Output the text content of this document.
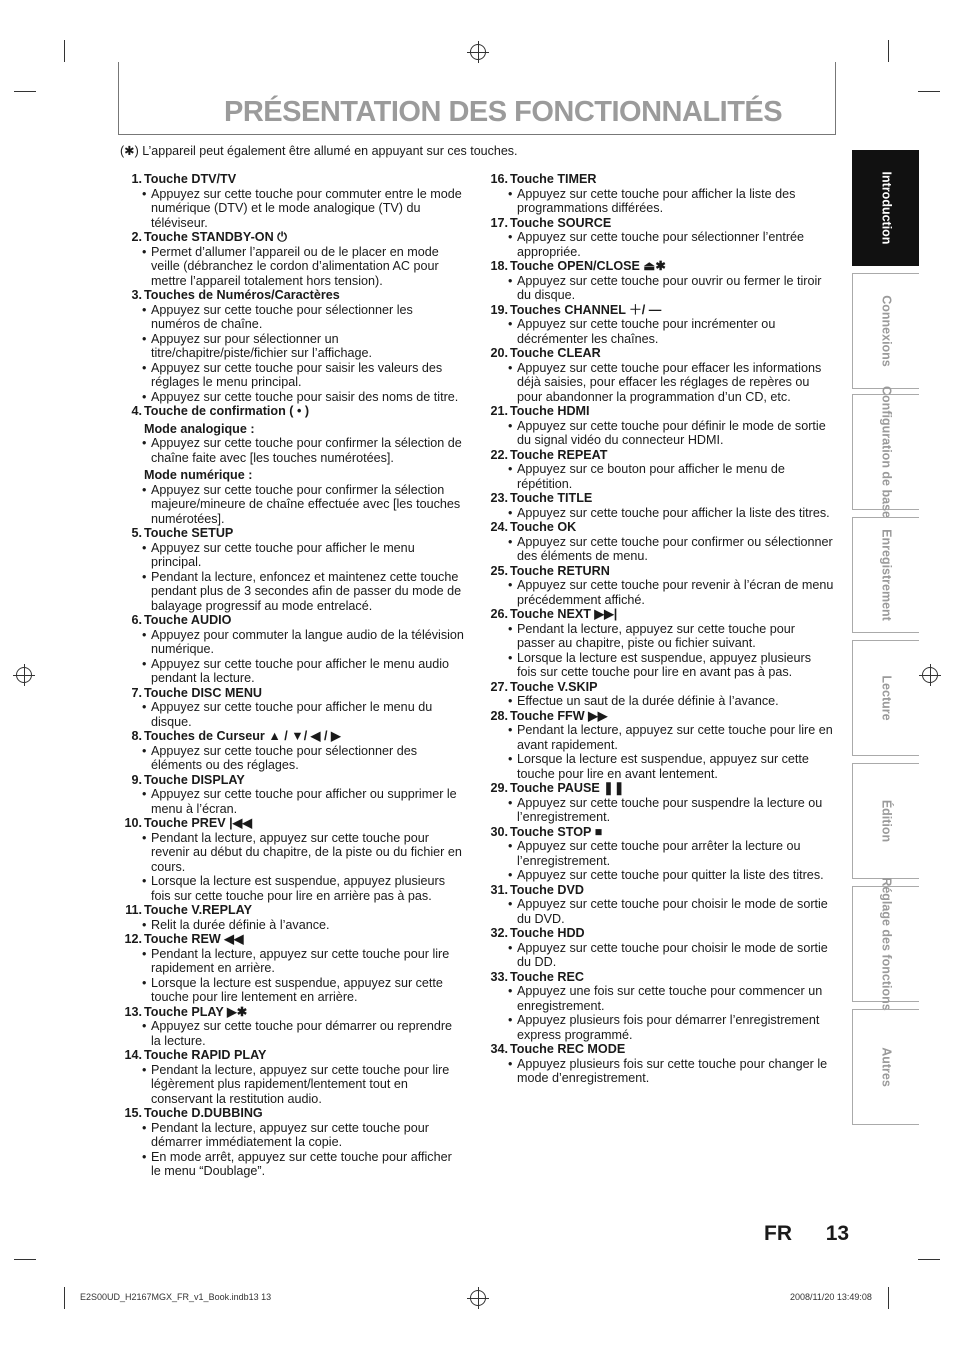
PRÉSENTATION DES FONCTIONNALITÉS
(✱) L’appareil peut également être allumé en appuyant sur ces touches.
1. Touche DTV/TV
• Appuyez sur cette touche pour commuter entre le mode numérique (DTV) et le mode analogique (TV) du téléviseur.
2. Touche STANDBY-ON ⏻
• Permet d’allumer l’appareil ou de le placer en mode veille (débranchez le cordon d’alimentation AC pour mettre l’appareil totalement hors tension).
3. Touches de Numéros/Caractères
• Appuyez sur cette touche pour sélectionner les numéros de chaîne.
• Appuyez sur pour sélectionner un titre/chapitre/piste/fichier sur l’affichage.
• Appuyez sur cette touche pour saisir les valeurs des réglages le menu principal.
• Appuyez sur cette touche pour saisir des noms de titre.
4. Touche de confirmation ( • )
Mode analogique :
• Appuyez sur cette touche pour confirmer la sélection de chaîne faite avec [les touches numérotées].
Mode numérique :
• Appuyez sur cette touche pour confirmer la sélection majeure/mineure de chaîne effectuée avec [les touches numérotées].
5. Touche SETUP
• Appuyez sur cette touche pour afficher le menu principal.
• Pendant la lecture, enfoncez et maintenez cette touche pendant plus de 3 secondes afin de passer du mode de balayage progressif au mode entrelacé.
6. Touche AUDIO
• Appuyez pour commuter la langue audio de la télévision numérique.
• Appuyez sur cette touche pour afficher le menu audio pendant la lecture.
7. Touche DISC MENU
• Appuyez sur cette touche pour afficher le menu du disque.
8. Touches de Curseur ▲ / ▼/ ◀ / ▶
• Appuyez sur cette touche pour sélectionner des éléments ou des réglages.
9. Touche DISPLAY
• Appuyez sur cette touche pour afficher ou supprimer le menu à l’écran.
10. Touche PREV |◀◀
• Pendant la lecture, appuyez sur cette touche pour revenir au début du chapitre, de la piste ou du fichier en cours.
• Lorsque la lecture est suspendue, appuyez plusieurs fois sur cette touche pour lire en arrière pas à pas.
11. Touche V.REPLAY
• Relit la durée définie à l’avance.
12. Touche REW ◀◀
• Pendant la lecture, appuyez sur cette touche pour lire rapidement en arrière.
• Lorsque la lecture est suspendue, appuyez sur cette touche pour lire lentement en arrière.
13. Touche PLAY ▶✱
• Appuyez sur cette touche pour démarrer ou reprendre la lecture.
14. Touche RAPID PLAY
• Pendant la lecture, appuyez sur cette touche pour lire légèrement plus rapidement/lentement tout en conservant la restitution audio.
15. Touche D.DUBBING
• Pendant la lecture, appuyez sur cette touche pour démarrer immédiatement la copie.
• En mode arrêt, appuyez sur cette touche pour afficher le menu “Doublage”.
16. Touche TIMER
• Appuyez sur cette touche pour afficher la liste des programmations différées.
17. Touche SOURCE
• Appuyez sur cette touche pour sélectionner l’entrée appropriée.
18. Touche OPEN/CLOSE ⏏✱
• Appuyez sur cette touche pour ouvrir ou fermer le tiroir du disque.
19. Touches CHANNEL ＋/ —
• Appuyez sur cette touche pour incrémenter ou décrémenter les chaînes.
20. Touche CLEAR
• Appuyez sur cette touche pour effacer les informations déjà saisies, pour effacer les réglages de repères ou pour abandonner la programmation d’un CD, etc.
21. Touche HDMI
• Appuyez sur cette touche pour définir le mode de sortie du signal vidéo du connecteur HDMI.
22. Touche REPEAT
• Appuyez sur ce bouton pour afficher le menu de répétition.
23. Touche TITLE
• Appuyez sur cette touche pour afficher la liste des titres.
24. Touche OK
• Appuyez sur cette touche pour confirmer ou sélectionner des éléments de menu.
25. Touche RETURN
• Appuyez sur cette touche pour revenir à l’écran de menu précédemment affiché.
26. Touche NEXT ▶▶|
• Pendant la lecture, appuyez sur cette touche pour passer au chapitre, piste ou fichier suivant.
• Lorsque la lecture est suspendue, appuyez plusieurs fois sur cette touche pour lire en avant pas à pas.
27. Touche V.SKIP
• Effectue un saut de la durée définie à l’avance.
28. Touche FFW ▶▶
• Pendant la lecture, appuyez sur cette touche pour lire en avant rapidement.
• Lorsque la lecture est suspendue, appuyez sur cette touche pour lire en avant lentement.
29. Touche PAUSE ❚❚
• Appuyez sur cette touche pour suspendre la lecture ou l’enregistrement.
30. Touche STOP ■
• Appuyez sur cette touche pour arrêter la lecture ou l’enregistrement.
• Appuyez sur cette touche pour quitter la liste des titres.
31. Touche DVD
• Appuyez sur cette touche pour choisir le mode de sortie du DVD.
32. Touche HDD
• Appuyez sur cette touche pour choisir le mode de sortie du DD.
33. Touche REC
• Appuyez une fois sur cette touche pour commencer un enregistrement.
• Appuyez plusieurs fois pour démarrer l’enregistrement express programmé.
34. Touche REC MODE
• Appuyez plusieurs fois sur cette touche pour changer le mode d’enregistrement.
Introduction
Connexions
Configuration de base
Enregistrement
Lecture
Édition
Réglage des fonctions
Autres
FR 13
E2S00UD_H2167MGX_FR_v1_Book.indb13 13	2008/11/20 13:49:08
